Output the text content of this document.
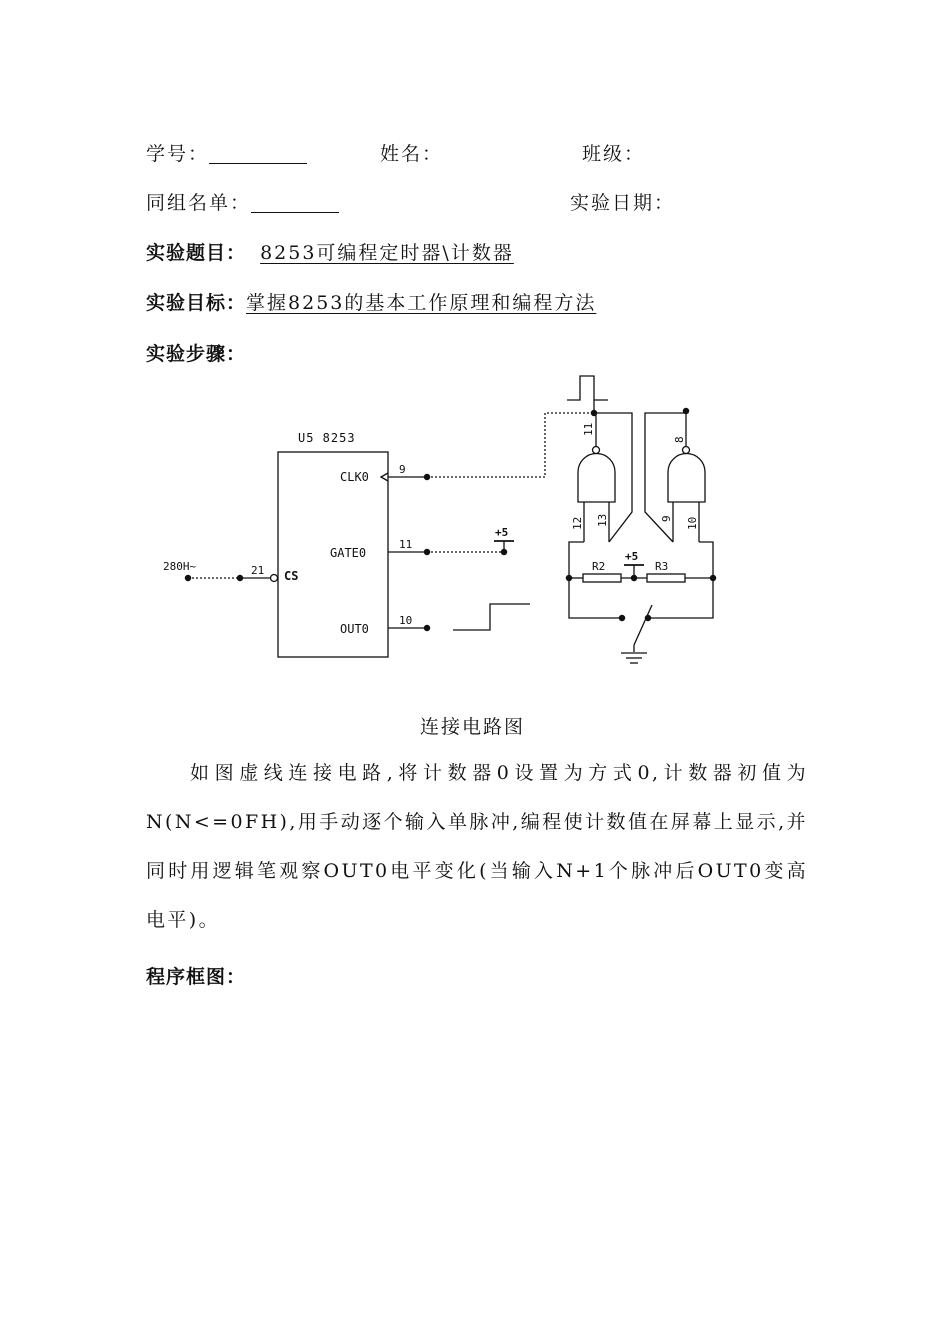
学号：	姓名：	班级：
同组名单：	实验日期：
实验题目： 8253可编程定时器\计数器
实验目标：掌握8253的基本工作原理和编程方法
实验步骤：
U5 8253
CLK0
GATE0
OUT0
CS
9
11
+5
10
21
280H~
11
8
12 13	9 10
R2	R3
+5
连接电路图
如图虚线连接电路,将计数器0设置为方式0,计数器初值为N(N<=0FH),用手动逐个输入单脉冲,编程使计数值在屏幕上显示,并同时用逻辑笔观察OUT0电平变化(当输入N+1个脉冲后OUT0变高电平)。
程序框图：
